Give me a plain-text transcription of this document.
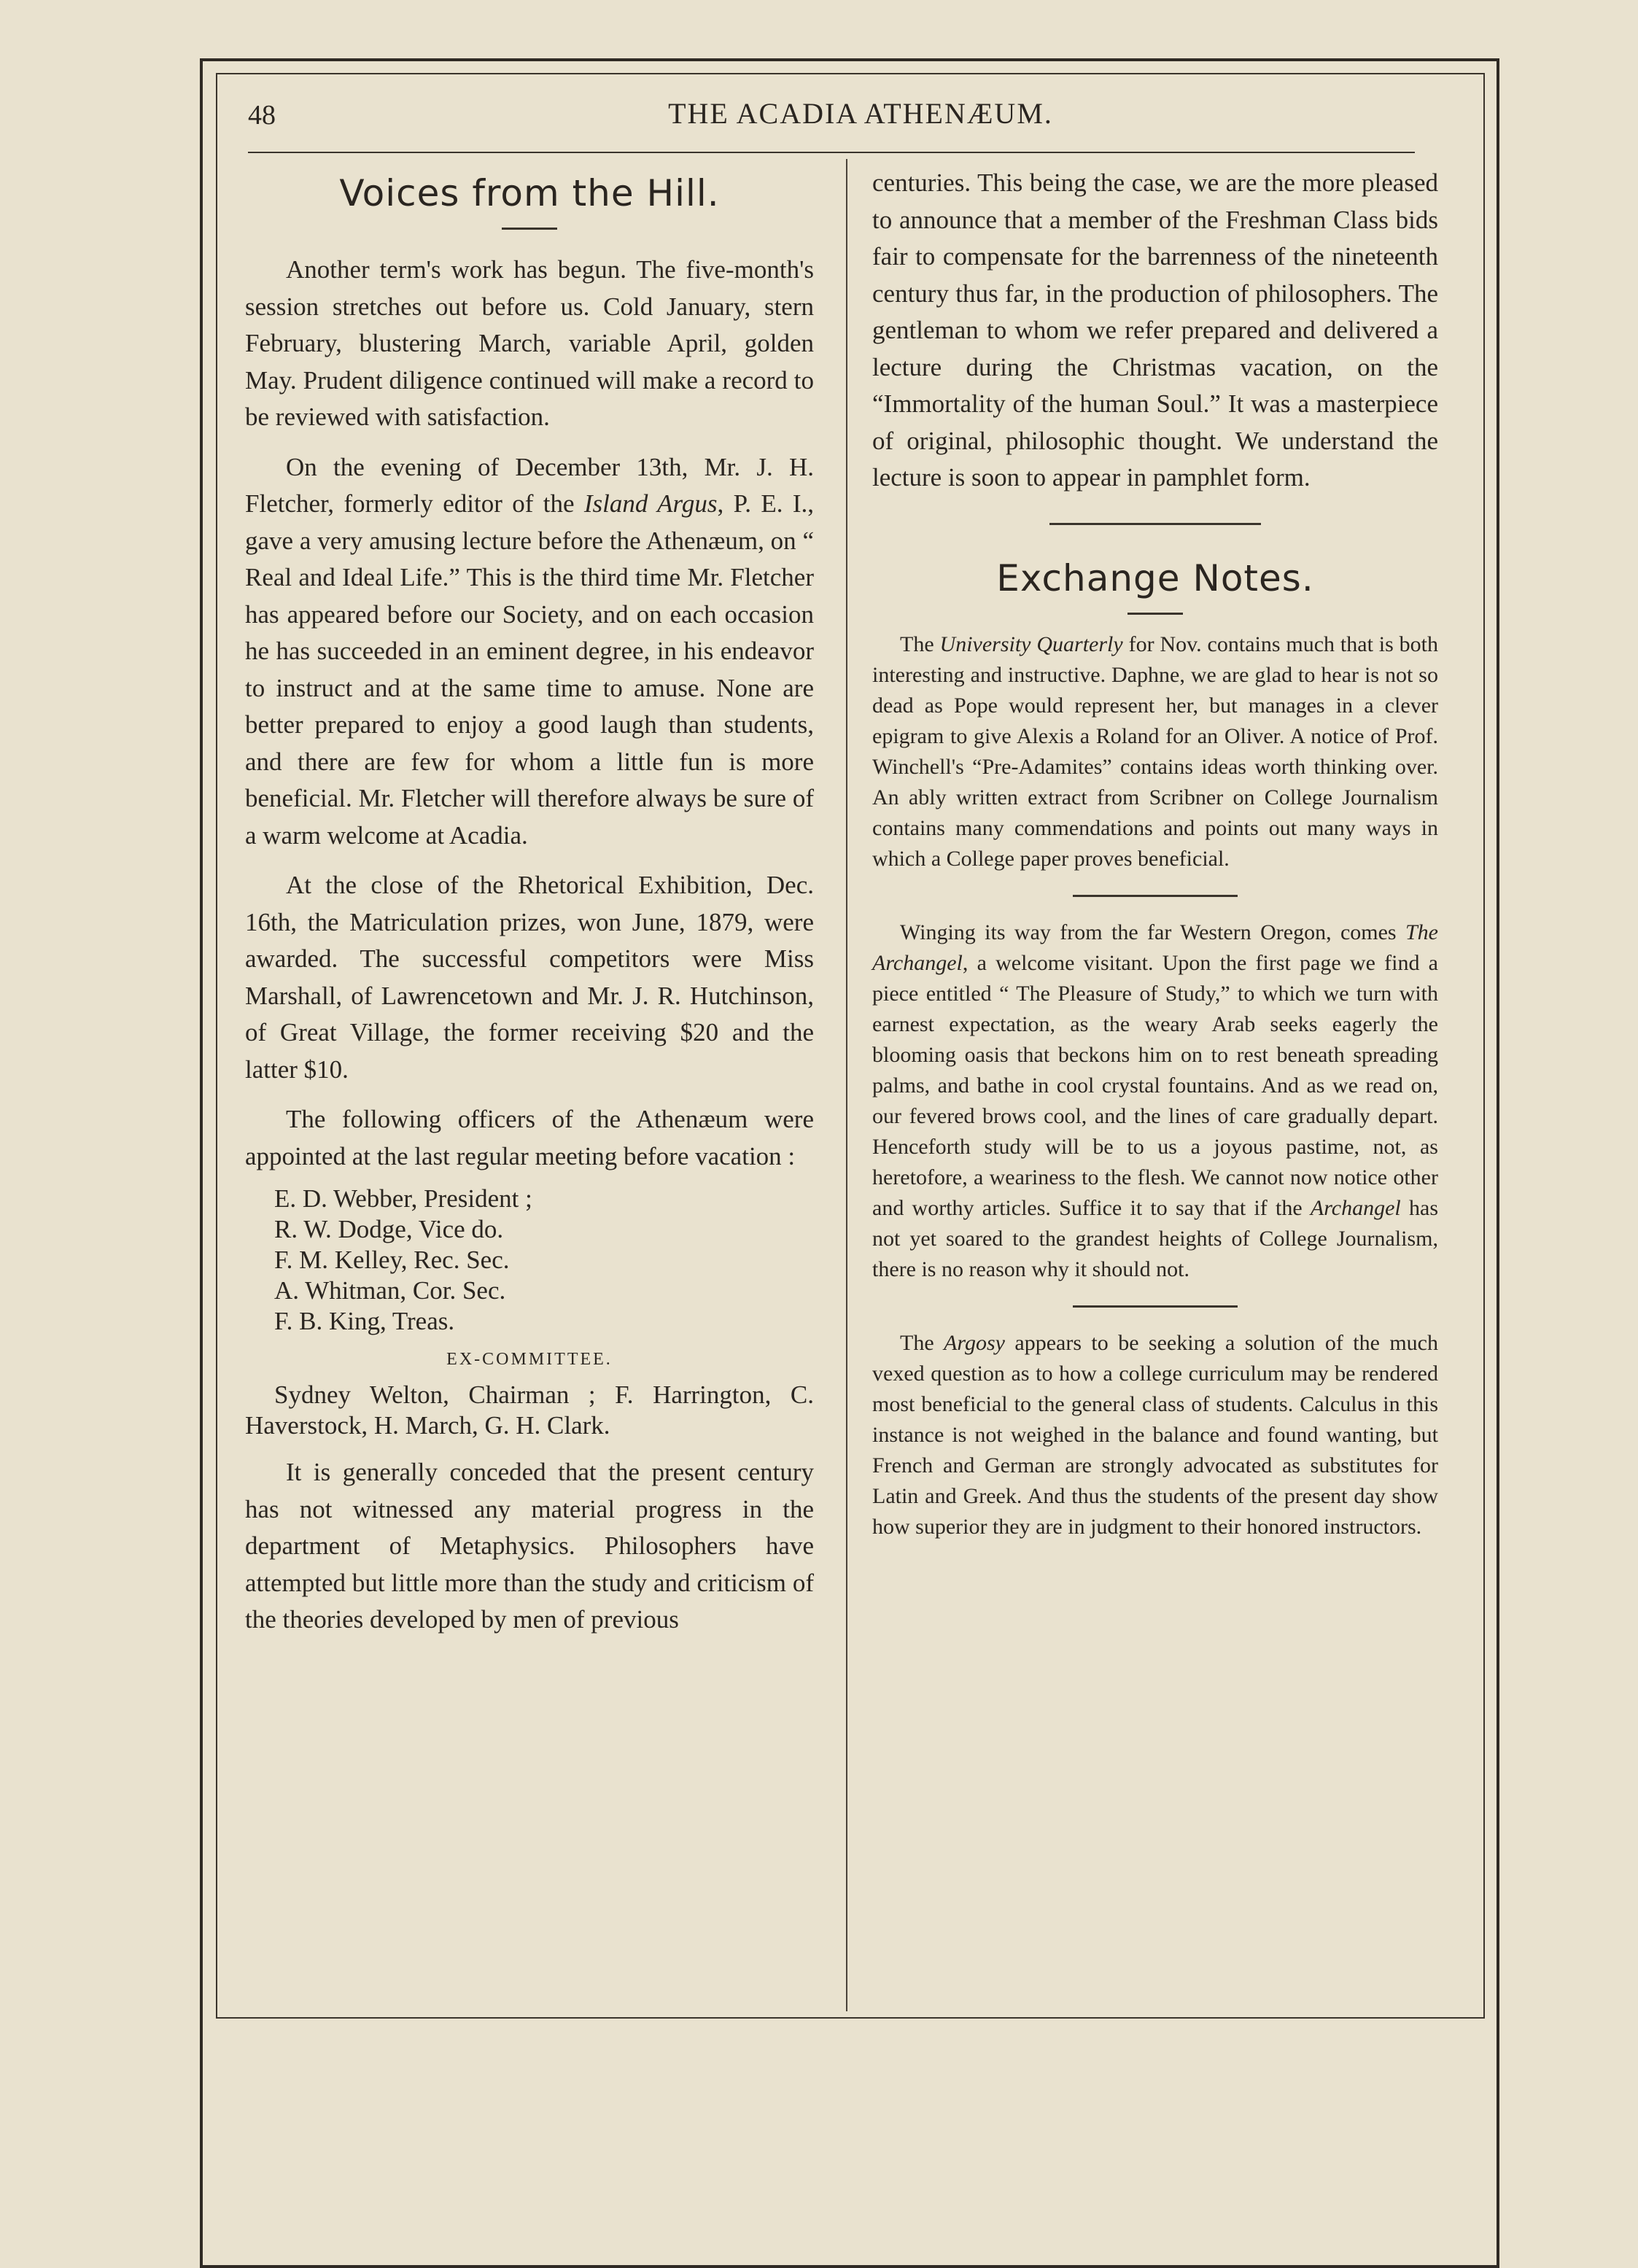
48	THE ACADIA ATHENÆUM.
Voices from the Hill.

Another term's work has begun. The five-month's session stretches out before us. Cold January, stern February, blustering March, variable April, golden May. Prudent diligence continued will make a record to be reviewed with satisfaction.

On the evening of December 13th, Mr. J. H. Fletcher, formerly editor of the Island Argus, P. E. I., gave a very amusing lecture before the Athenæum, on “ Real and Ideal Life.” This is the third time Mr. Fletcher has appeared before our Society, and on each occasion he has succeeded in an eminent degree, in his endeavor to instruct and at the same time to amuse. None are better prepared to enjoy a good laugh than students, and there are few for whom a little fun is more beneficial. Mr. Fletcher will therefore always be sure of a warm welcome at Acadia.

At the close of the Rhetorical Exhibition, Dec. 16th, the Matriculation prizes, won June, 1879, were awarded. The successful competitors were Miss Marshall, of Lawrencetown and Mr. J. R. Hutchinson, of Great Village, the former receiving $20 and the latter $10.

The following officers of the Athenæum were appointed at the last regular meeting before vacation :

E. D. Webber, President ;
R. W. Dodge, Vice do.
F. M. Kelley, Rec. Sec.
A. Whitman, Cor. Sec.
F. B. King, Treas.
EX-COMMITTEE.

Sydney Welton, Chairman ; F. Harrington, C. Haverstock, H. March, G. H. Clark.

It is generally conceded that the present century has not witnessed any material progress in the department of Metaphysics. Philosophers have attempted but little more than the study and criticism of the theories developed by men of previous

centuries. This being the case, we are the more pleased to announce that a member of the Freshman Class bids fair to compensate for the barrenness of the nineteenth century thus far, in the production of philosophers. The gentleman to whom we refer prepared and delivered a lecture during the Christmas vacation, on the “Immortality of the human Soul.” It was a masterpiece of original, philosophic thought. We understand the lecture is soon to appear in pamphlet form.

Exchange Notes.

The University Quarterly for Nov. contains much that is both interesting and instructive. Daphne, we are glad to hear is not so dead as Pope would represent her, but manages in a clever epigram to give Alexis a Roland for an Oliver. A notice of Prof. Winchell's “Pre-Adamites” contains ideas worth thinking over. An ably written extract from Scribner on College Journalism contains many commendations and points out many ways in which a College paper proves beneficial.

Winging its way from the far Western Oregon, comes The Archangel, a welcome visitant. Upon the first page we find a piece entitled “ The Pleasure of Study,” to which we turn with earnest expectation, as the weary Arab seeks eagerly the blooming oasis that beckons him on to rest beneath spreading palms, and bathe in cool crystal fountains. And as we read on, our fevered brows cool, and the lines of care gradually depart. Henceforth study will be to us a joyous pastime, not, as heretofore, a weariness to the flesh. We cannot now notice other and worthy articles. Suffice it to say that if the Archangel has not yet soared to the grandest heights of College Journalism, there is no reason why it should not.

The Argosy appears to be seeking a solution of the much vexed question as to how a college curriculum may be rendered most beneficial to the general class of students. Calculus in this instance is not weighed in the balance and found wanting, but French and German are strongly advocated as substitutes for Latin and Greek. And thus the students of the present day show how superior they are in judgment to their honored instructors.
